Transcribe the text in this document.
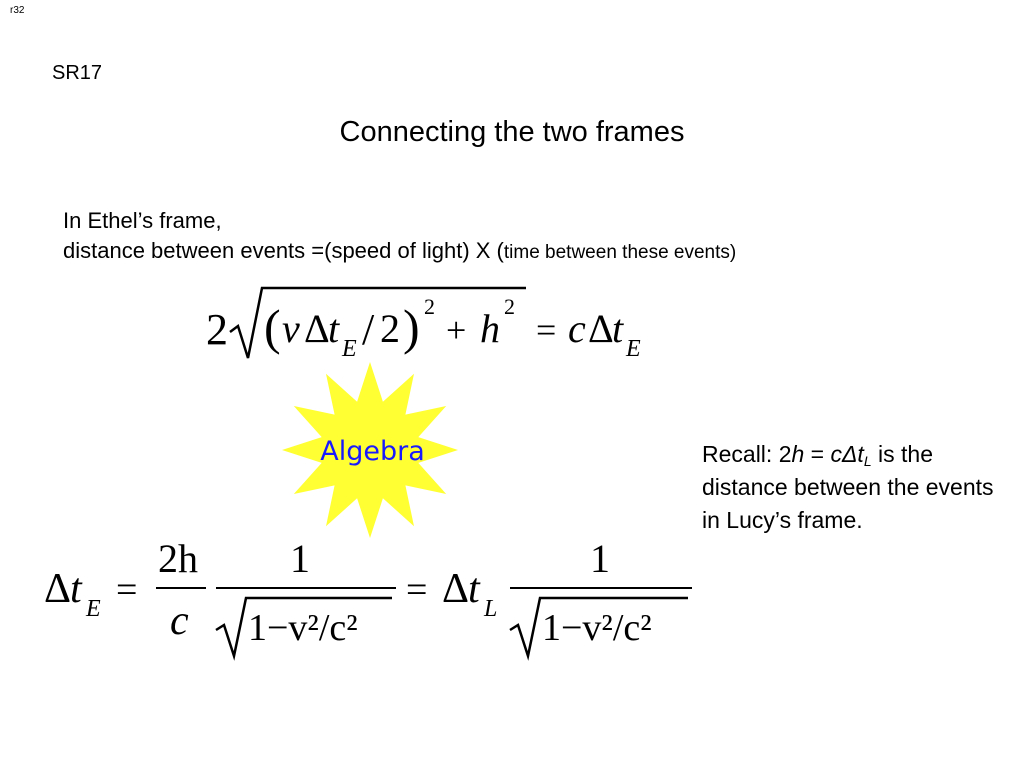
r32
SR17
Connecting the two frames
In Ethel’s frame,
distance between events =(speed of light) X (time between these events)
2 ( v Δ
t E / 2 ) 2
+ h 2
= c Δ
t E
Algebra	Recall: 2h = cΔt$_L$ is the distance between the events in Lucy’s frame.
Δ
t E =
2h
c
1
1−v²/c²
= Δ
t L
1
1−v²/c²
